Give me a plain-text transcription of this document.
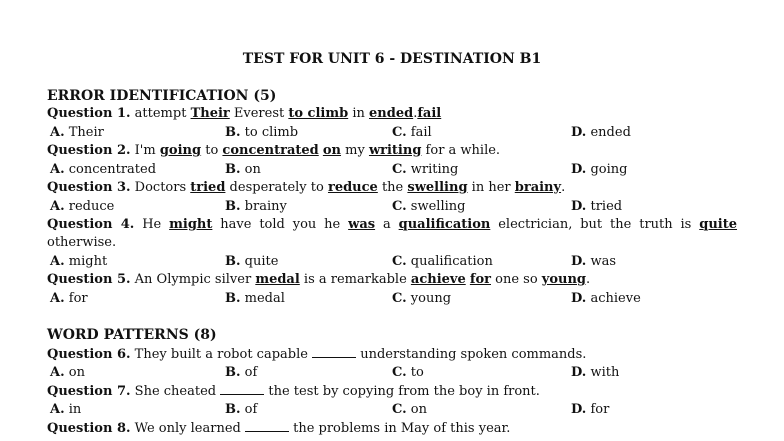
TEST FOR UNIT 6 - DESTINATION B1
ERROR IDENTIFICATION (5)
Question 1. attempt Their Everest to climb in ended.fail
A. Their	B. to climb	C. fail	D. ended
Question 2. I'm going to concentrated on my writing for a while.
A. concentrated	B. on	C. writing	D. going
Question 3. Doctors tried desperately to reduce the swelling in her brainy.
A. reduce	B. brainy	C. swelling	D. tried
Question 4. He might have told you he was a qualification electrician, but the truth is quite
otherwise.
A. might	B. quite	C. qualification	D. was
Question 5. An Olympic silver medal is a remarkable achieve for one so young.
A. for	B. medal	C. young	D. achieve
WORD PATTERNS (8)
Question 6. They built a robot capable	understanding spoken commands.
A. on	B. of	C. to	D. with
Question 7. She cheated	the test by copying from the boy in front.
A. in	B. of	C. on	D. for
Question 8. We only learned	the problems in May of this year.
